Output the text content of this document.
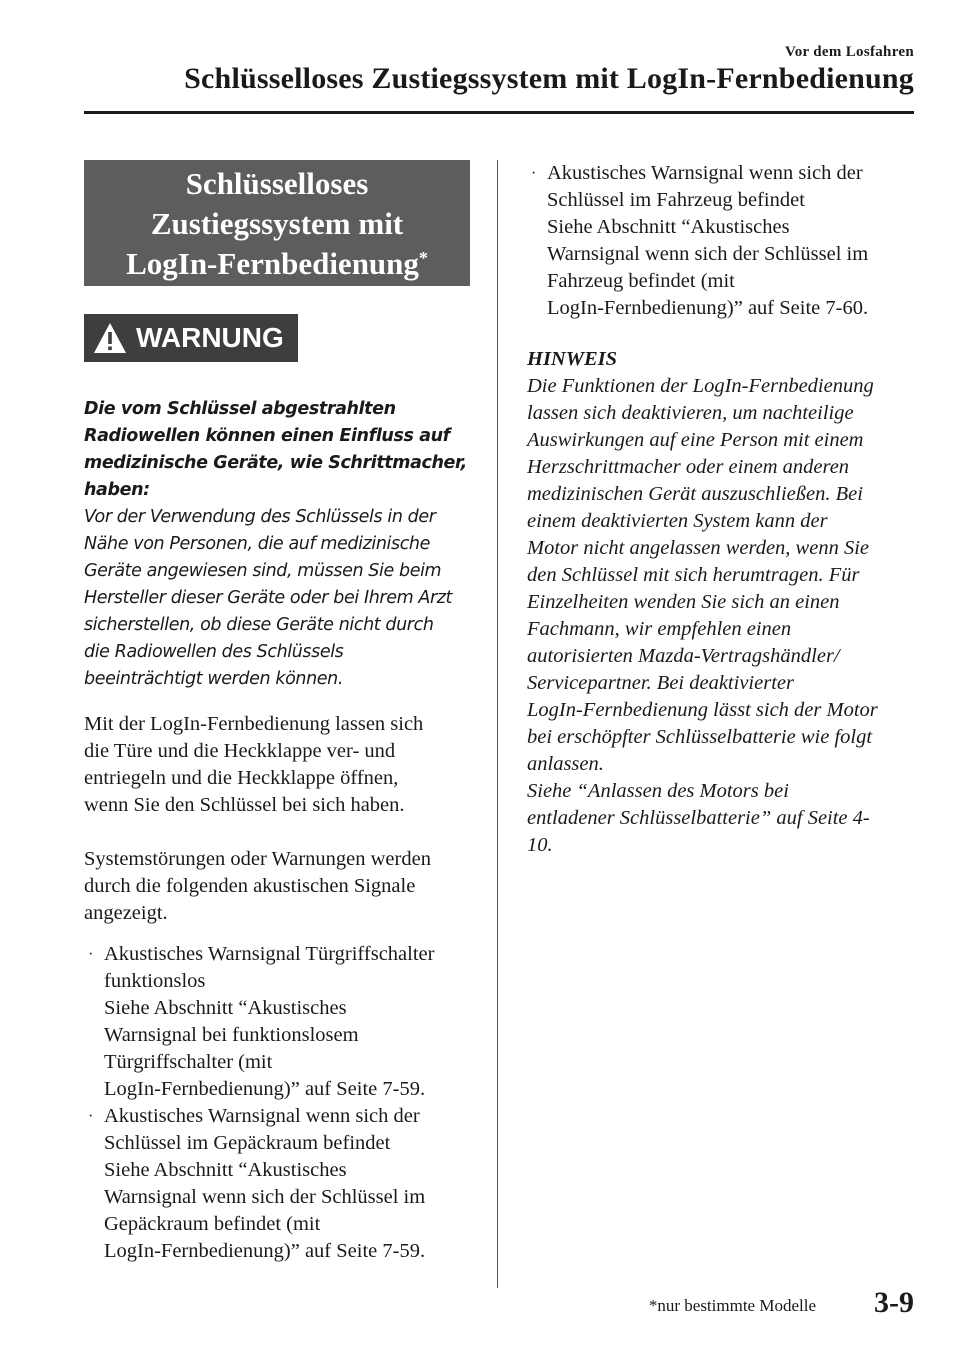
Vor dem Losfahren
Schlüsselloses Zustiegssystem mit LogIn-Fernbedienung
Schlüsselloses
Zustiegssystem mit
LogIn-Fernbedienung*
WARNUNG
Die vom Schlüssel abgestrahlten
Radiowellen können einen Einfluss auf
medizinische Geräte, wie Schrittmacher,
haben:
Vor der Verwendung des Schlüssels in der
Nähe von Personen, die auf medizinische
Geräte angewiesen sind, müssen Sie beim
Hersteller dieser Geräte oder bei Ihrem Arzt
sicherstellen, ob diese Geräte nicht durch
die Radiowellen des Schlüssels
beeinträchtigt werden können.
Mit der LogIn-Fernbedienung lassen sich
die Türe und die Heckklappe ver- und
entriegeln und die Heckklappe öffnen,
wenn Sie den Schlüssel bei sich haben.
Systemstörungen oder Warnungen werden
durch die folgenden akustischen Signale
angezeigt.
· Akustisches Warnsignal Türgriffschalter
funktionslos
Siehe Abschnitt “Akustisches
Warnsignal bei funktionslosem
Türgriffschalter (mit
LogIn-Fernbedienung)” auf Seite 7-59.
· Akustisches Warnsignal wenn sich der
Schlüssel im Gepäckraum befindet
Siehe Abschnitt “Akustisches
Warnsignal wenn sich der Schlüssel im
Gepäckraum befindet (mit
LogIn-Fernbedienung)” auf Seite 7-59.
· Akustisches Warnsignal wenn sich der
Schlüssel im Fahrzeug befindet
Siehe Abschnitt “Akustisches
Warnsignal wenn sich der Schlüssel im
Fahrzeug befindet (mit
LogIn-Fernbedienung)” auf Seite 7-60.
HINWEIS
Die Funktionen der LogIn-Fernbedienung
lassen sich deaktivieren, um nachteilige
Auswirkungen auf eine Person mit einem
Herzschrittmacher oder einem anderen
medizinischen Gerät auszuschließen. Bei
einem deaktivierten System kann der
Motor nicht angelassen werden, wenn Sie
den Schlüssel mit sich herumtragen. Für
Einzelheiten wenden Sie sich an einen
Fachmann, wir empfehlen einen
autorisierten Mazda-Vertragshändler/
Servicepartner. Bei deaktivierter
LogIn-Fernbedienung lässt sich der Motor
bei erschöpfter Schlüsselbatterie wie folgt
anlassen.
Siehe “Anlassen des Motors bei
entladener Schlüsselbatterie” auf Seite 4-
10.
*nur bestimmte Modelle 3-9
